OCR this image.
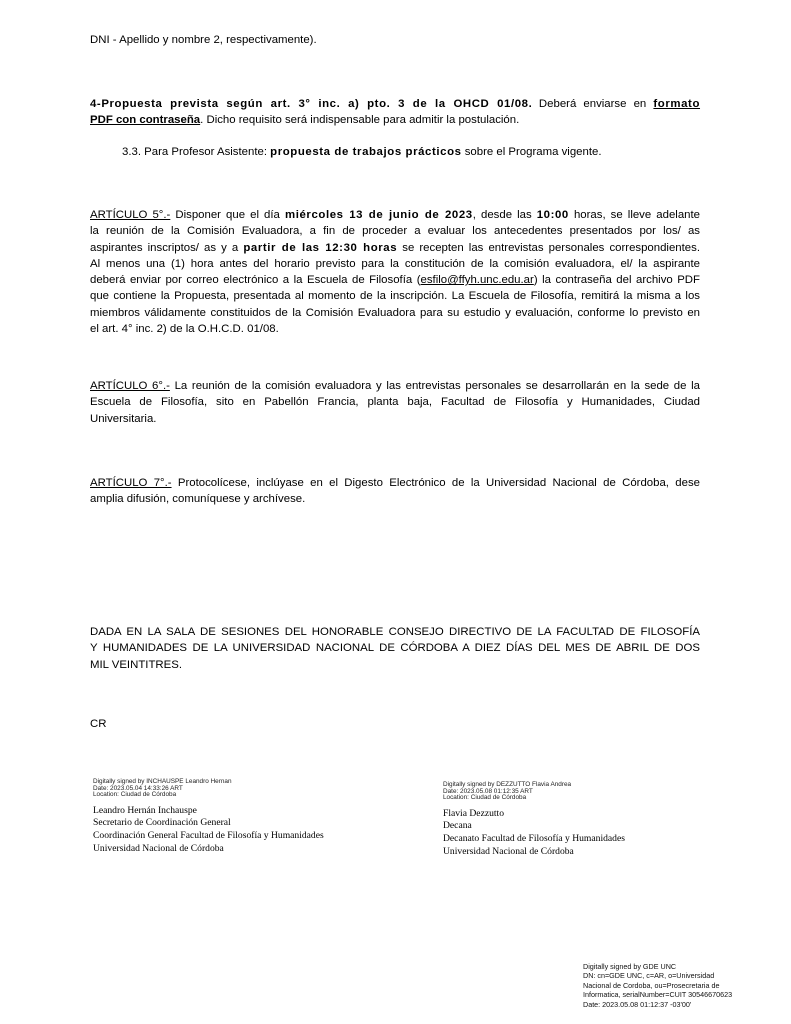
DNI - Apellido y nombre 2, respectivamente).
4-Propuesta prevista según art. 3° inc. a) pto. 3 de la OHCD 01/08. Deberá enviarse en formato
PDF con contraseña. Dicho requisito será indispensable para admitir la postulación.
3.3. Para Profesor Asistente: propuesta de trabajos prácticos sobre el Programa vigente.
ARTÍCULO 5°.- Disponer que el día miércoles 13 de junio de 2023, desde las 10:00 horas, se lleve adelante
la reunión de la Comisión Evaluadora, a fin de proceder a evaluar los antecedentes presentados por los/ as
aspirantes inscriptos/ as y a partir de las 12:30 horas se recepten las entrevistas personales correspondientes.
Al menos una (1) hora antes del horario previsto para la constitución de la comisión evaluadora, el/ la aspirante
deberá enviar por correo electrónico a la Escuela de Filosofía (esfilo@ffyh.unc.edu.ar) la contraseña del archivo PDF
que contiene la Propuesta, presentada al momento de la inscripción. La Escuela de Filosofía, remitirá la misma a los
miembros válidamente constituidos de la Comisión Evaluadora para su estudio y evaluación, conforme lo previsto en
el art. 4° inc. 2) de la O.H.C.D. 01/08.
ARTÍCULO 6°.- La reunión de la comisión evaluadora y las entrevistas personales se desarrollarán en la sede de la
Escuela de Filosofía, sito en Pabellón Francia, planta baja, Facultad de Filosofía y Humanidades, Ciudad
Universitaria.
ARTÍCULO 7°.- Protocolícese, inclúyase en el Digesto Electrónico de la Universidad Nacional de Córdoba, dese
amplia difusión, comuníquese y archívese.
DADA EN LA SALA DE SESIONES DEL HONORABLE CONSEJO DIRECTIVO DE LA FACULTAD DE FILOSOFÍA
Y HUMANIDADES DE LA UNIVERSIDAD NACIONAL DE CÓRDOBA A DIEZ DÍAS DEL MES DE ABRIL DE DOS
MIL VEINTITRES.
CR
Digitally signed by INCHAUSPE Leandro Hernan
Date: 2023.05.04 14:33:26 ART
Location: Ciudad de Córdoba
Leandro Hernán Inchauspe
Secretario de Coordinación General
Coordinación General Facultad de Filosofía y Humanidades
Universidad Nacional de Córdoba
Digitally signed by DEZZUTTO Flavia Andrea
Date: 2023.05.08 01:12:35 ART
Location: Ciudad de Córdoba
Flavia Dezzutto
Decana
Decanato Facultad de Filosofía y Humanidades
Universidad Nacional de Córdoba
Digitally signed by GDE UNC
DN: cn=GDE UNC, c=AR, o=Universidad
Nacional de Cordoba, ou=Prosecretaria de
Informatica, serialNumber=CUIT 30546670623
Date: 2023.05.08 01:12:37 -03'00'
